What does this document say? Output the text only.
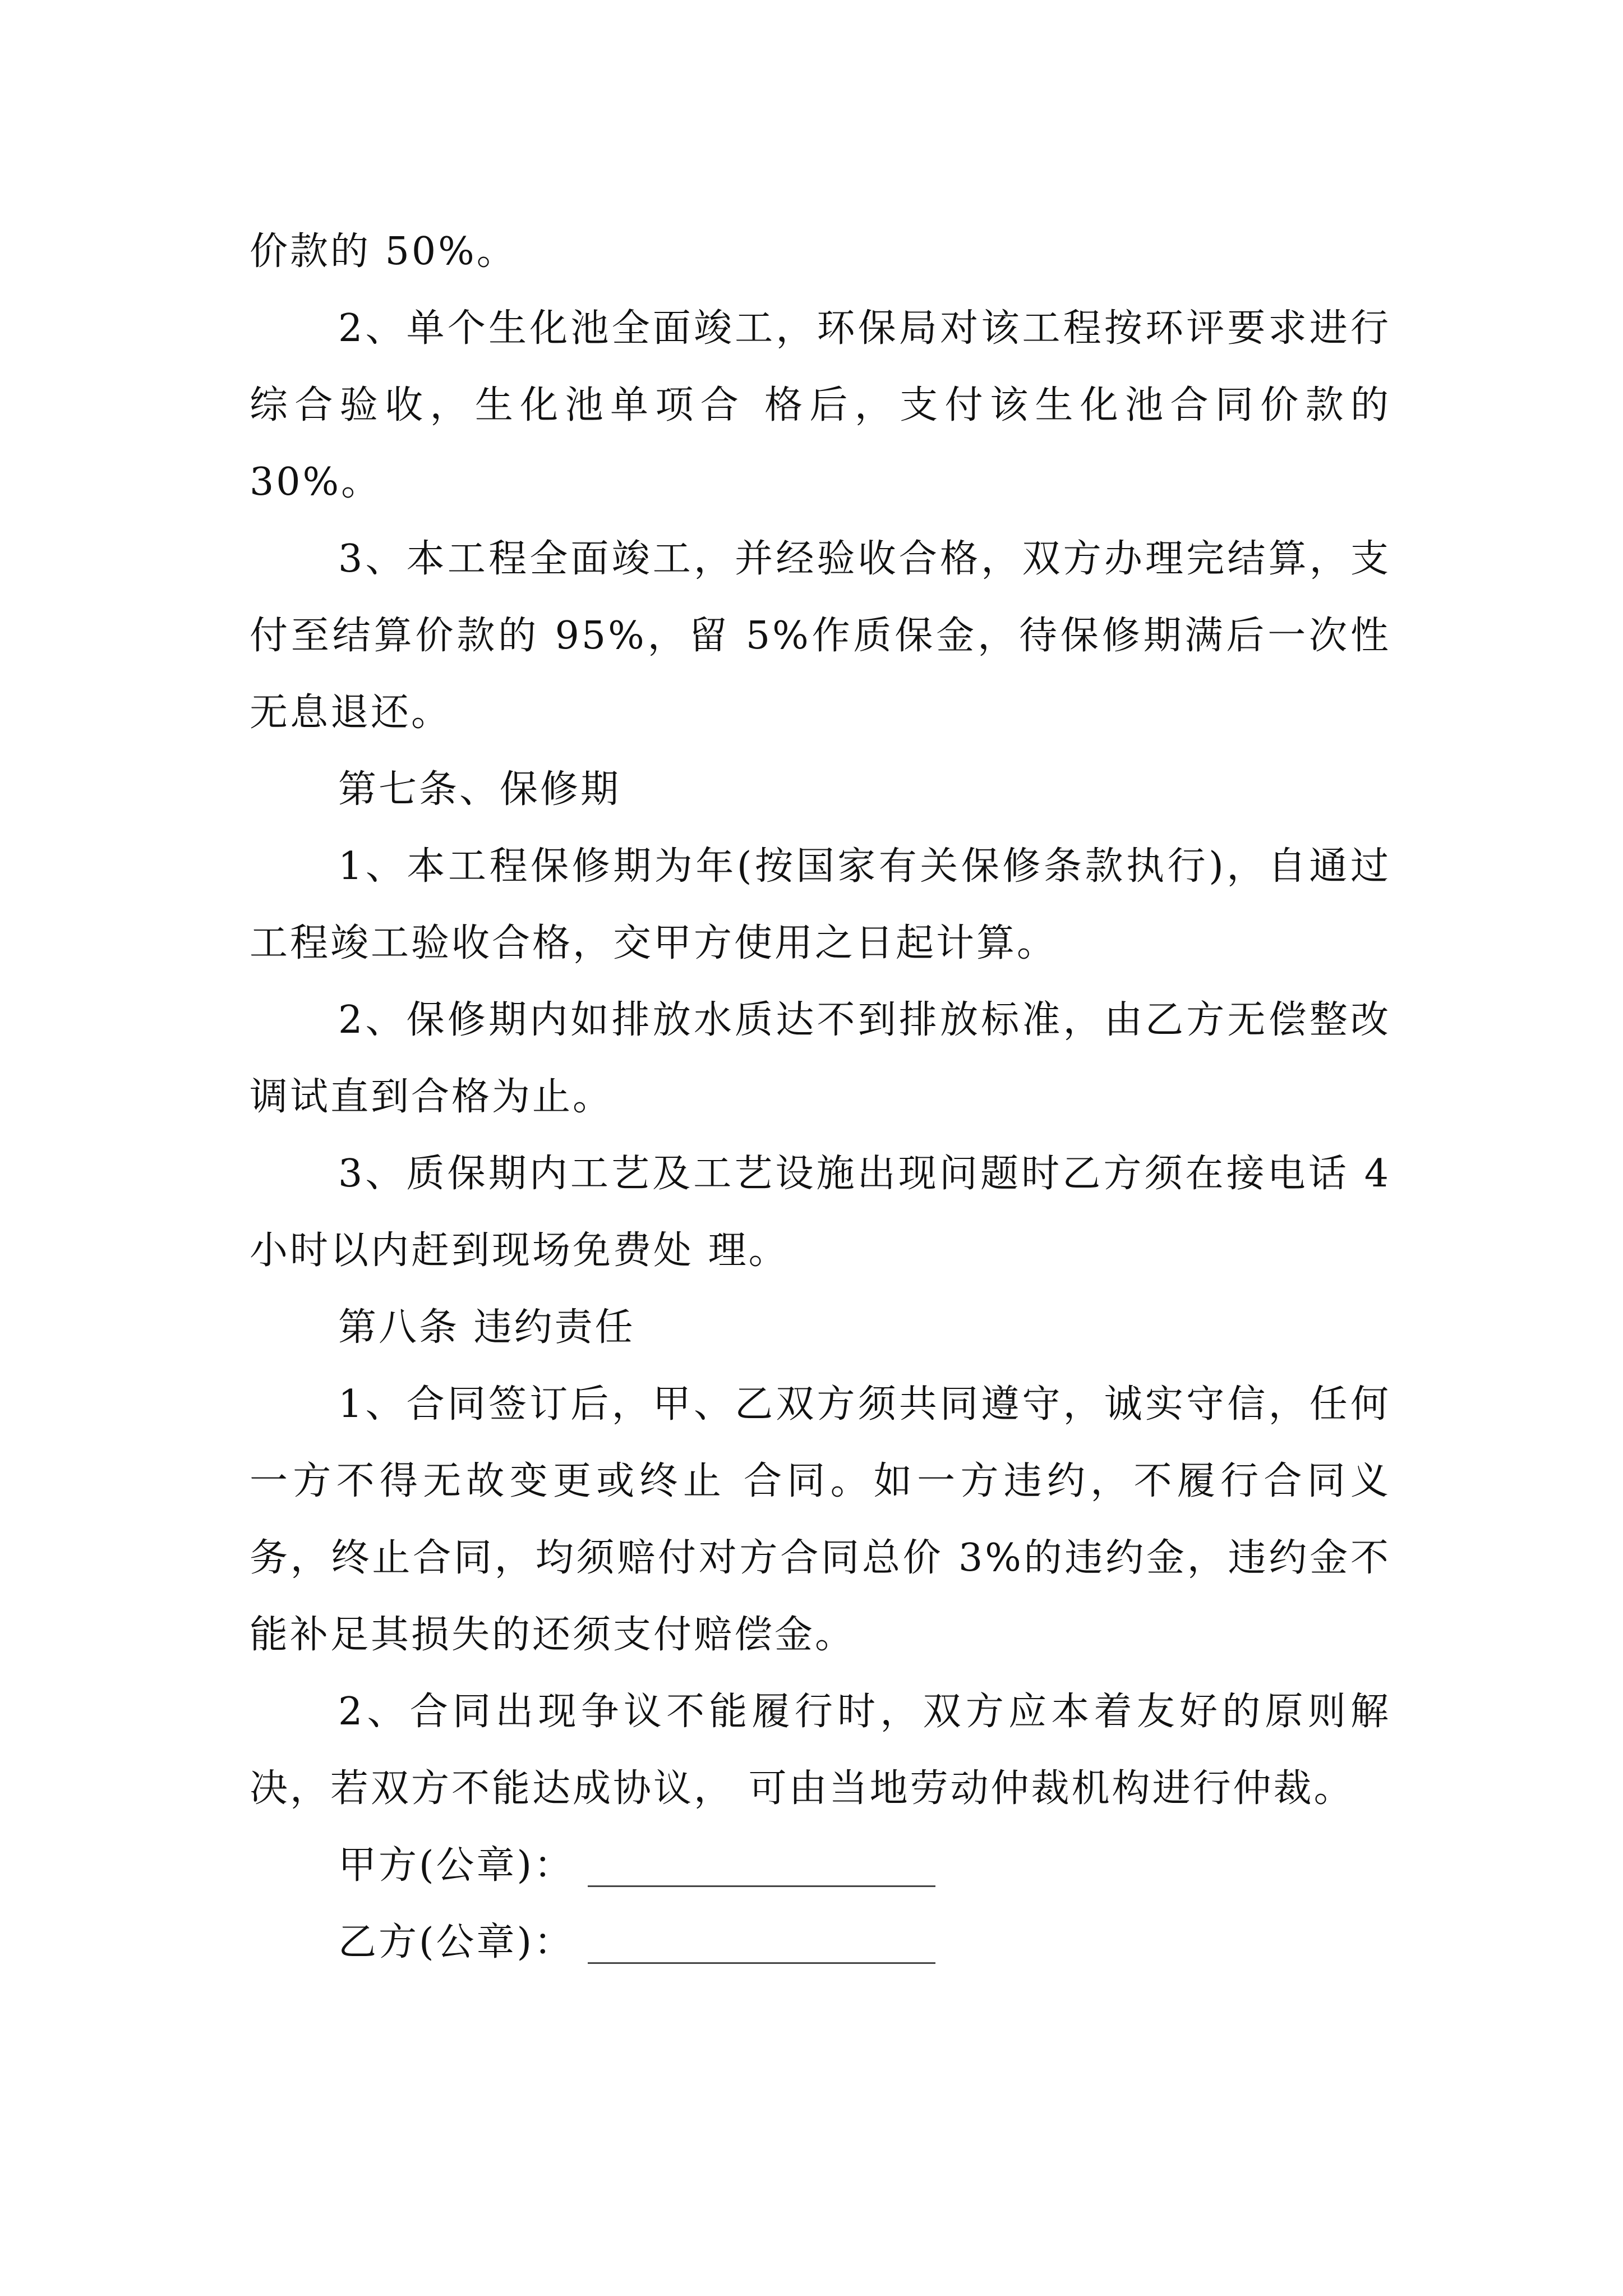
价款的 50%。

2、单个生化池全面竣工，环保局对该工程按环评要求进行综合验收，生化池单项合 格后，支付该生化池合同价款的 30%。

3、本工程全面竣工，并经验收合格，双方办理完结算，支付至结算价款的 95%，留 5%作质保金，待保修期满后一次性无息退还。

第七条、保修期

1、本工程保修期为年(按国家有关保修条款执行)，自通过工程竣工验收合格，交甲方使用之日起计算。

2、保修期内如排放水质达不到排放标准，由乙方无偿整改调试直到合格为止。

3、质保期内工艺及工艺设施出现问题时乙方须在接电话 4 小时以内赶到现场免费处 理。

第八条 违约责任

1、合同签订后，甲、乙双方须共同遵守，诚实守信，任何一方不得无故变更或终止 合同。如一方违约，不履行合同义务，终止合同，均须赔付对方合同总价 3%的违约金，违约金不能补足其损失的还须支付赔偿金。

2、合同出现争议不能履行时，双方应本着友好的原则解决，若双方不能达成协议， 可由当地劳动仲裁机构进行仲裁。

甲方(公章)：
乙方(公章)：
